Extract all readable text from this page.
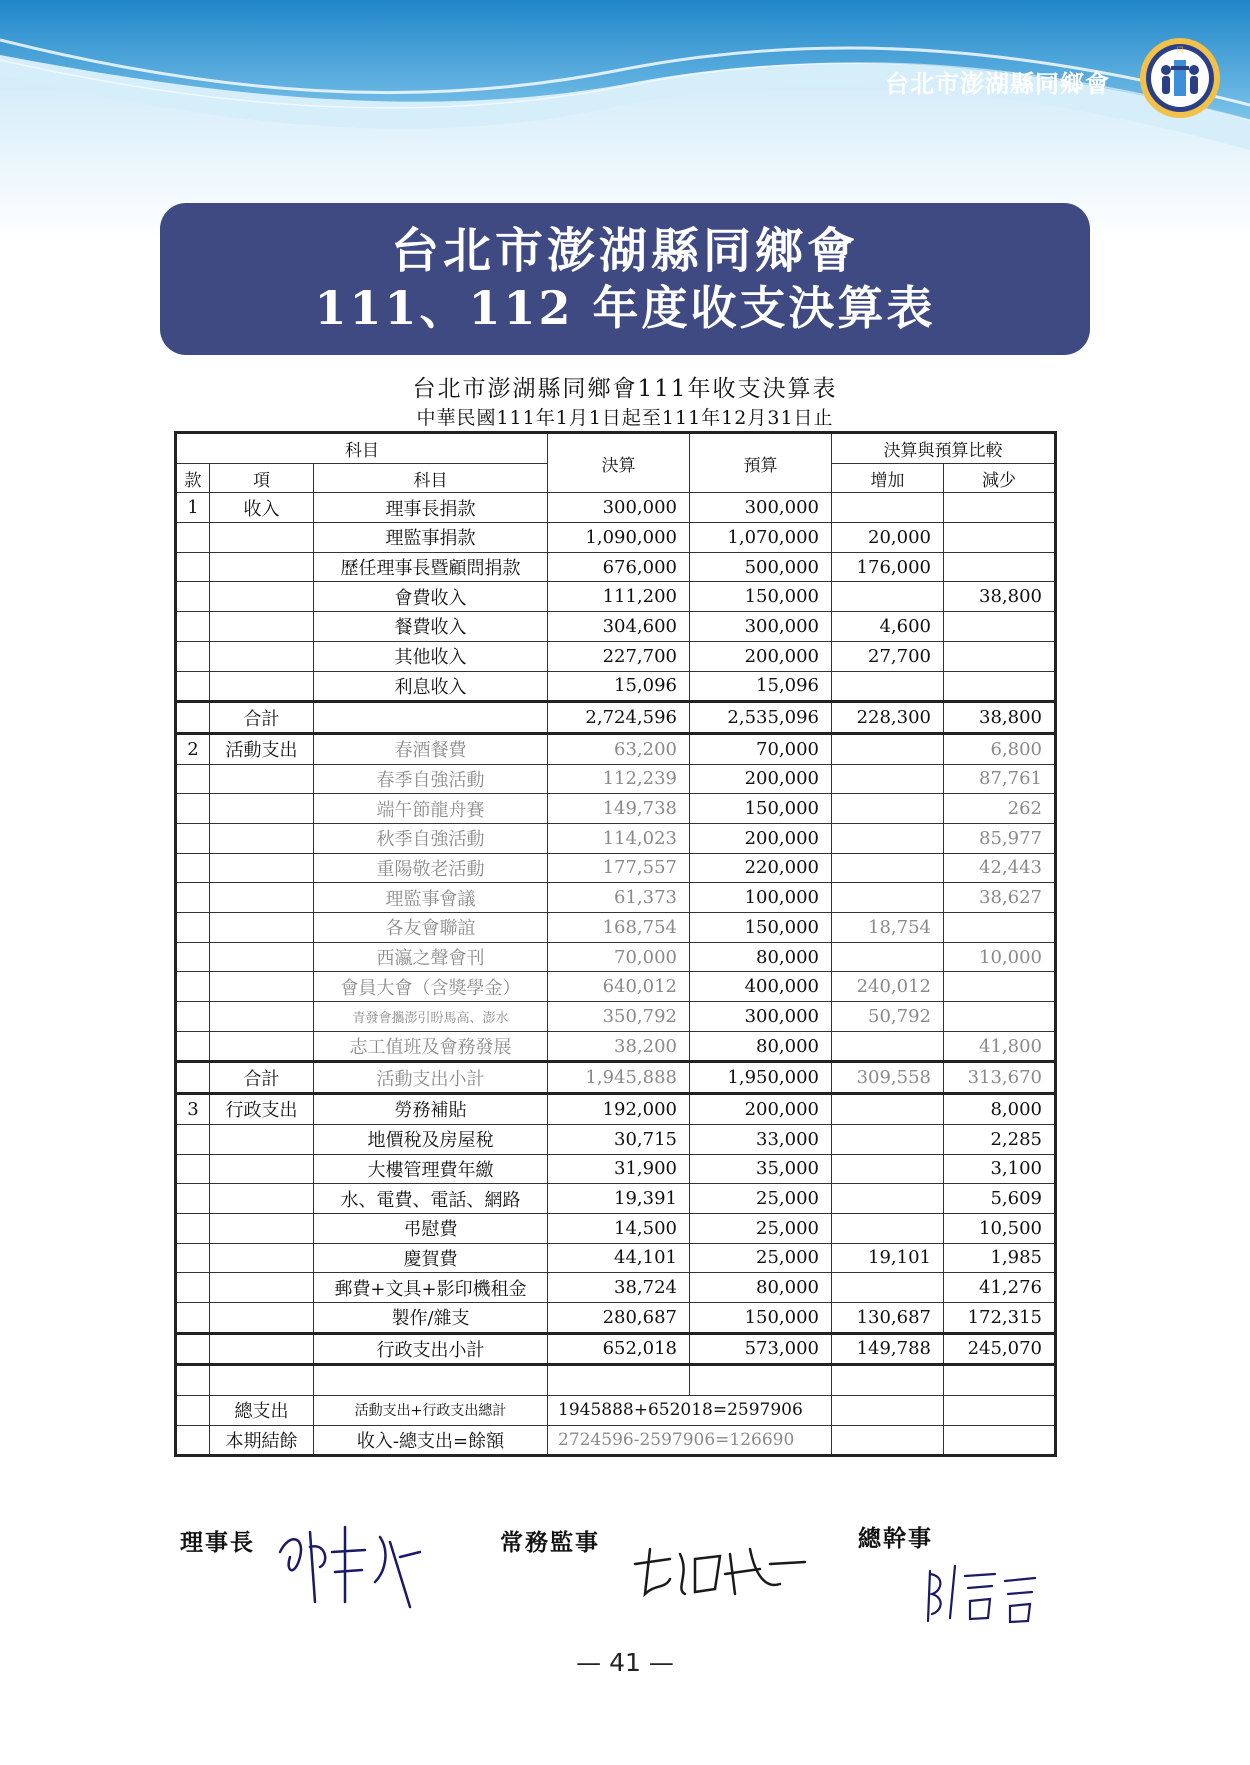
台北市澎湖縣同鄉會
同
台北市澎湖縣同鄉會
111、112 年度收支決算表
台北市澎湖縣同鄉會111年收支決算表
中華民國111年1月1日起至111年12月31日止
科目			決算	預算	決算與預算比較	
款	項	科目			增加	減少
1	收入	理事長捐款	300,000	300,000		
		理監事捐款	1,090,000	1,070,000	20,000	
		歷任理事長暨顧問捐款	676,000	500,000	176,000	
		會費收入	111,200	150,000		38,800
		餐費收入	304,600	300,000	4,600	
		其他收入	227,700	200,000	27,700	
		利息收入	15,096	15,096		
	合計		2,724,596	2,535,096	228,300	38,800
2	活動支出	春酒餐費	63,200	70,000		6,800
		春季自強活動	112,239	200,000		87,761
		端午節龍舟賽	149,738	150,000		262
		秋季自強活動	114,023	200,000		85,977
		重陽敬老活動	177,557	220,000		42,443
		理監事會議	61,373	100,000		38,627
		各友會聯誼	168,754	150,000	18,754	
		西瀛之聲會刊	70,000	80,000		10,000
		會員大會（含獎學金）	640,012	400,000	240,012	
		青發會攜澎引盼馬高、澎水	350,792	300,000	50,792	
		志工值班及會務發展	38,200	80,000		41,800
	合計	活動支出小計	1,945,888	1,950,000	309,558	313,670
3	行政支出	勞務補貼	192,000	200,000		8,000
		地價稅及房屋稅	30,715	33,000		2,285
		大樓管理費年繳	31,900	35,000		3,100
		水、電費、電話、網路	19,391	25,000		5,609
		弔慰費	14,500	25,000		10,500
		慶賀費	44,101	25,000	19,101	1,985
		郵費+文具+影印機租金	38,724	80,000		41,276
		製作/雜支	280,687	150,000	130,687	172,315
		行政支出小計	652,018	573,000	149,788	245,070

	總支出	活動支出+行政支出總計	1945888+652018=2597906			
	本期結餘	收入-總支出=餘額	2724596-2597906=126690			
理事長	常務監事	總幹事
— 41 —
